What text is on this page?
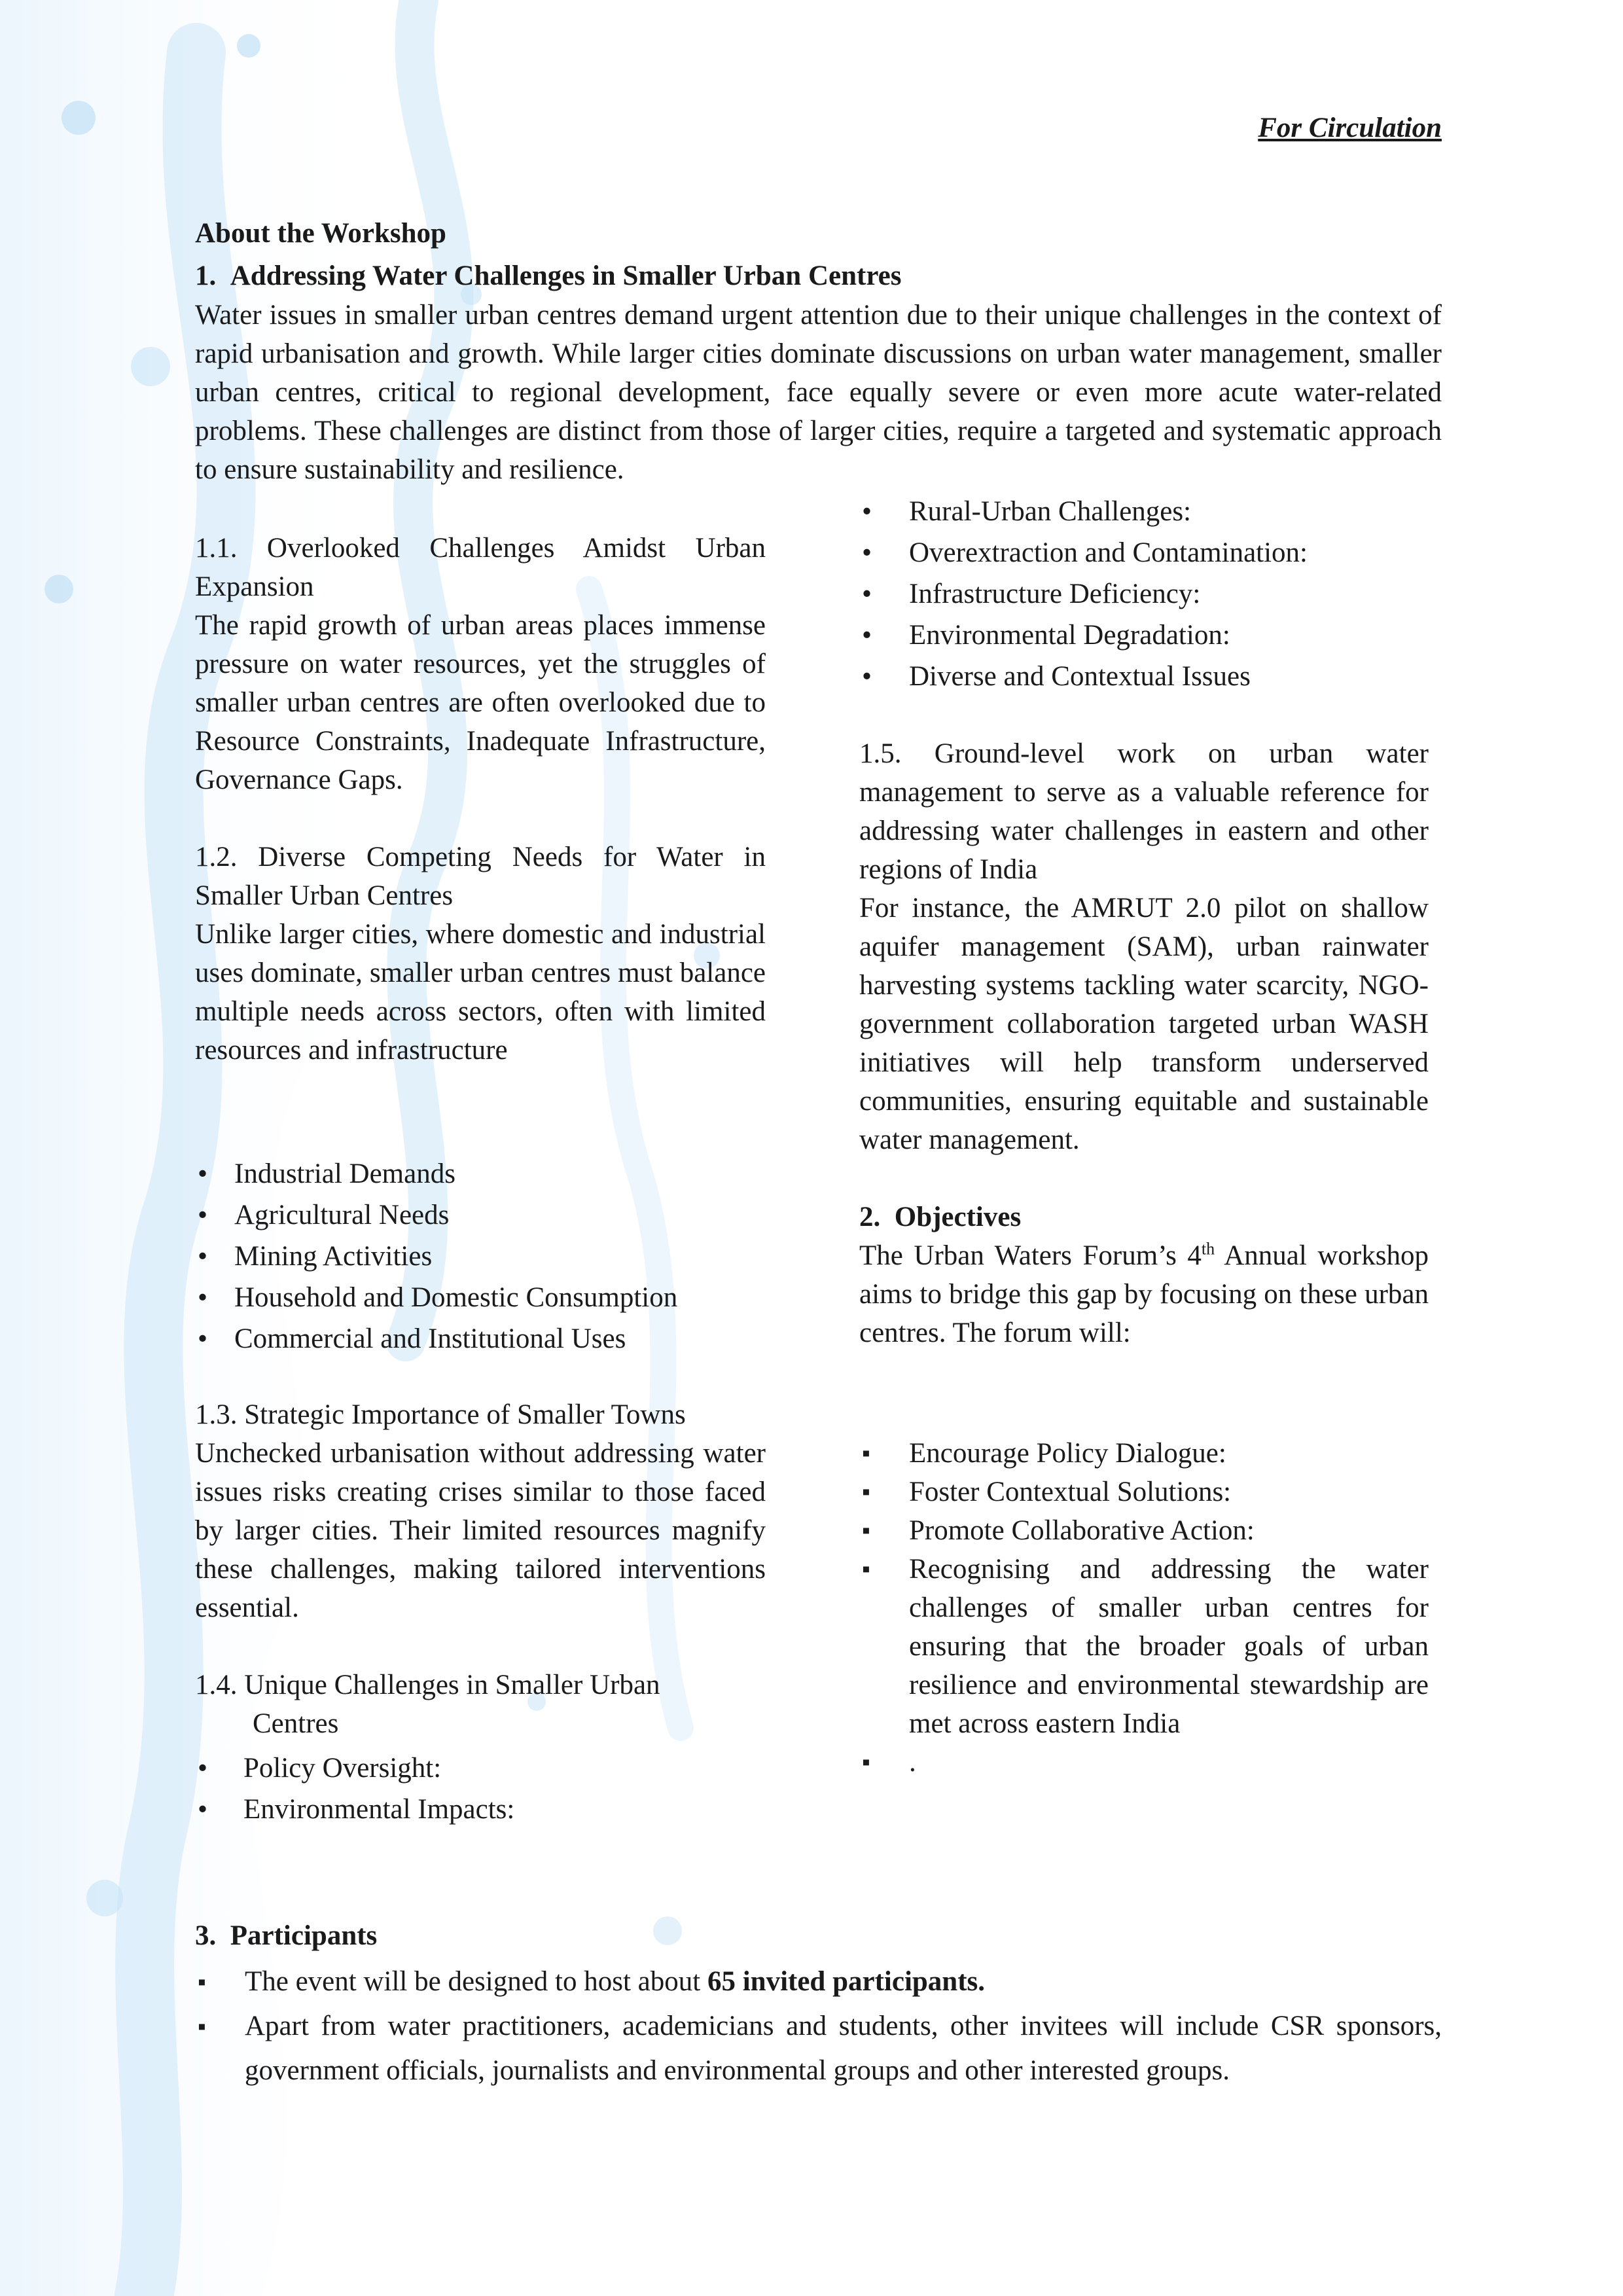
For Circulation

About the Workshop

1.  Addressing Water Challenges in Smaller Urban Centres

Water issues in smaller urban centres demand urgent attention due to their unique challenges in the context of rapid urbanisation and growth. While larger cities dominate discussions on urban water management, smaller urban centres, critical to regional development, face equally severe or even more acute water-related problems. These challenges are distinct from those of larger cities, require a targeted and systematic approach to ensure sustainability and resilience.

1.1. Overlooked Challenges Amidst Urban Expansion

The rapid growth of urban areas places immense pressure on water resources, yet the struggles of smaller urban centres are often overlooked due to Resource Constraints, Inadequate Infrastructure, Governance Gaps.

1.2. Diverse Competing Needs for Water in Smaller Urban Centres

Unlike larger cities, where domestic and industrial uses dominate, smaller urban centres must balance multiple needs across sectors, often with limited resources and infrastructure

• Industrial Demands
• Agricultural Needs
• Mining Activities
• Household and Domestic Consumption
• Commercial and Institutional Uses

1.3. Strategic Importance of Smaller Towns

Unchecked urbanisation without addressing water issues risks creating crises similar to those faced by larger cities. Their limited resources magnify these challenges, making tailored interventions essential.

1.4. Unique Challenges in Smaller Urban

Centres

• Policy Oversight:
• Environmental Impacts:
• Rural-Urban Challenges:
• Overextraction and Contamination:
• Infrastructure Deficiency:
• Environmental Degradation:
• Diverse and Contextual Issues

1.5. Ground-level work on urban water management to serve as a valuable reference for addressing water challenges in eastern and other regions of India

For instance, the AMRUT 2.0 pilot on shallow aquifer management (SAM), urban rainwater harvesting systems tackling water scarcity, NGO-government collaboration targeted urban WASH initiatives will help transform underserved communities, ensuring equitable and sustainable water management.

2.  Objectives

The Urban Waters Forum’s 4th Annual workshop aims to bridge this gap by focusing on these urban centres. The forum will:

▪ Encourage Policy Dialogue:
▪ Foster Contextual Solutions:
▪ Promote Collaborative Action:
▪ Recognising and addressing the water challenges of smaller urban centres for ensuring that the broader goals of urban resilience and environmental stewardship are met across eastern India
▪ .

3.  Participants

▪ The event will be designed to host about 65 invited participants.
▪ Apart from water practitioners, academicians and students, other invitees will include CSR sponsors, government officials, journalists and environmental groups and other interested groups.
